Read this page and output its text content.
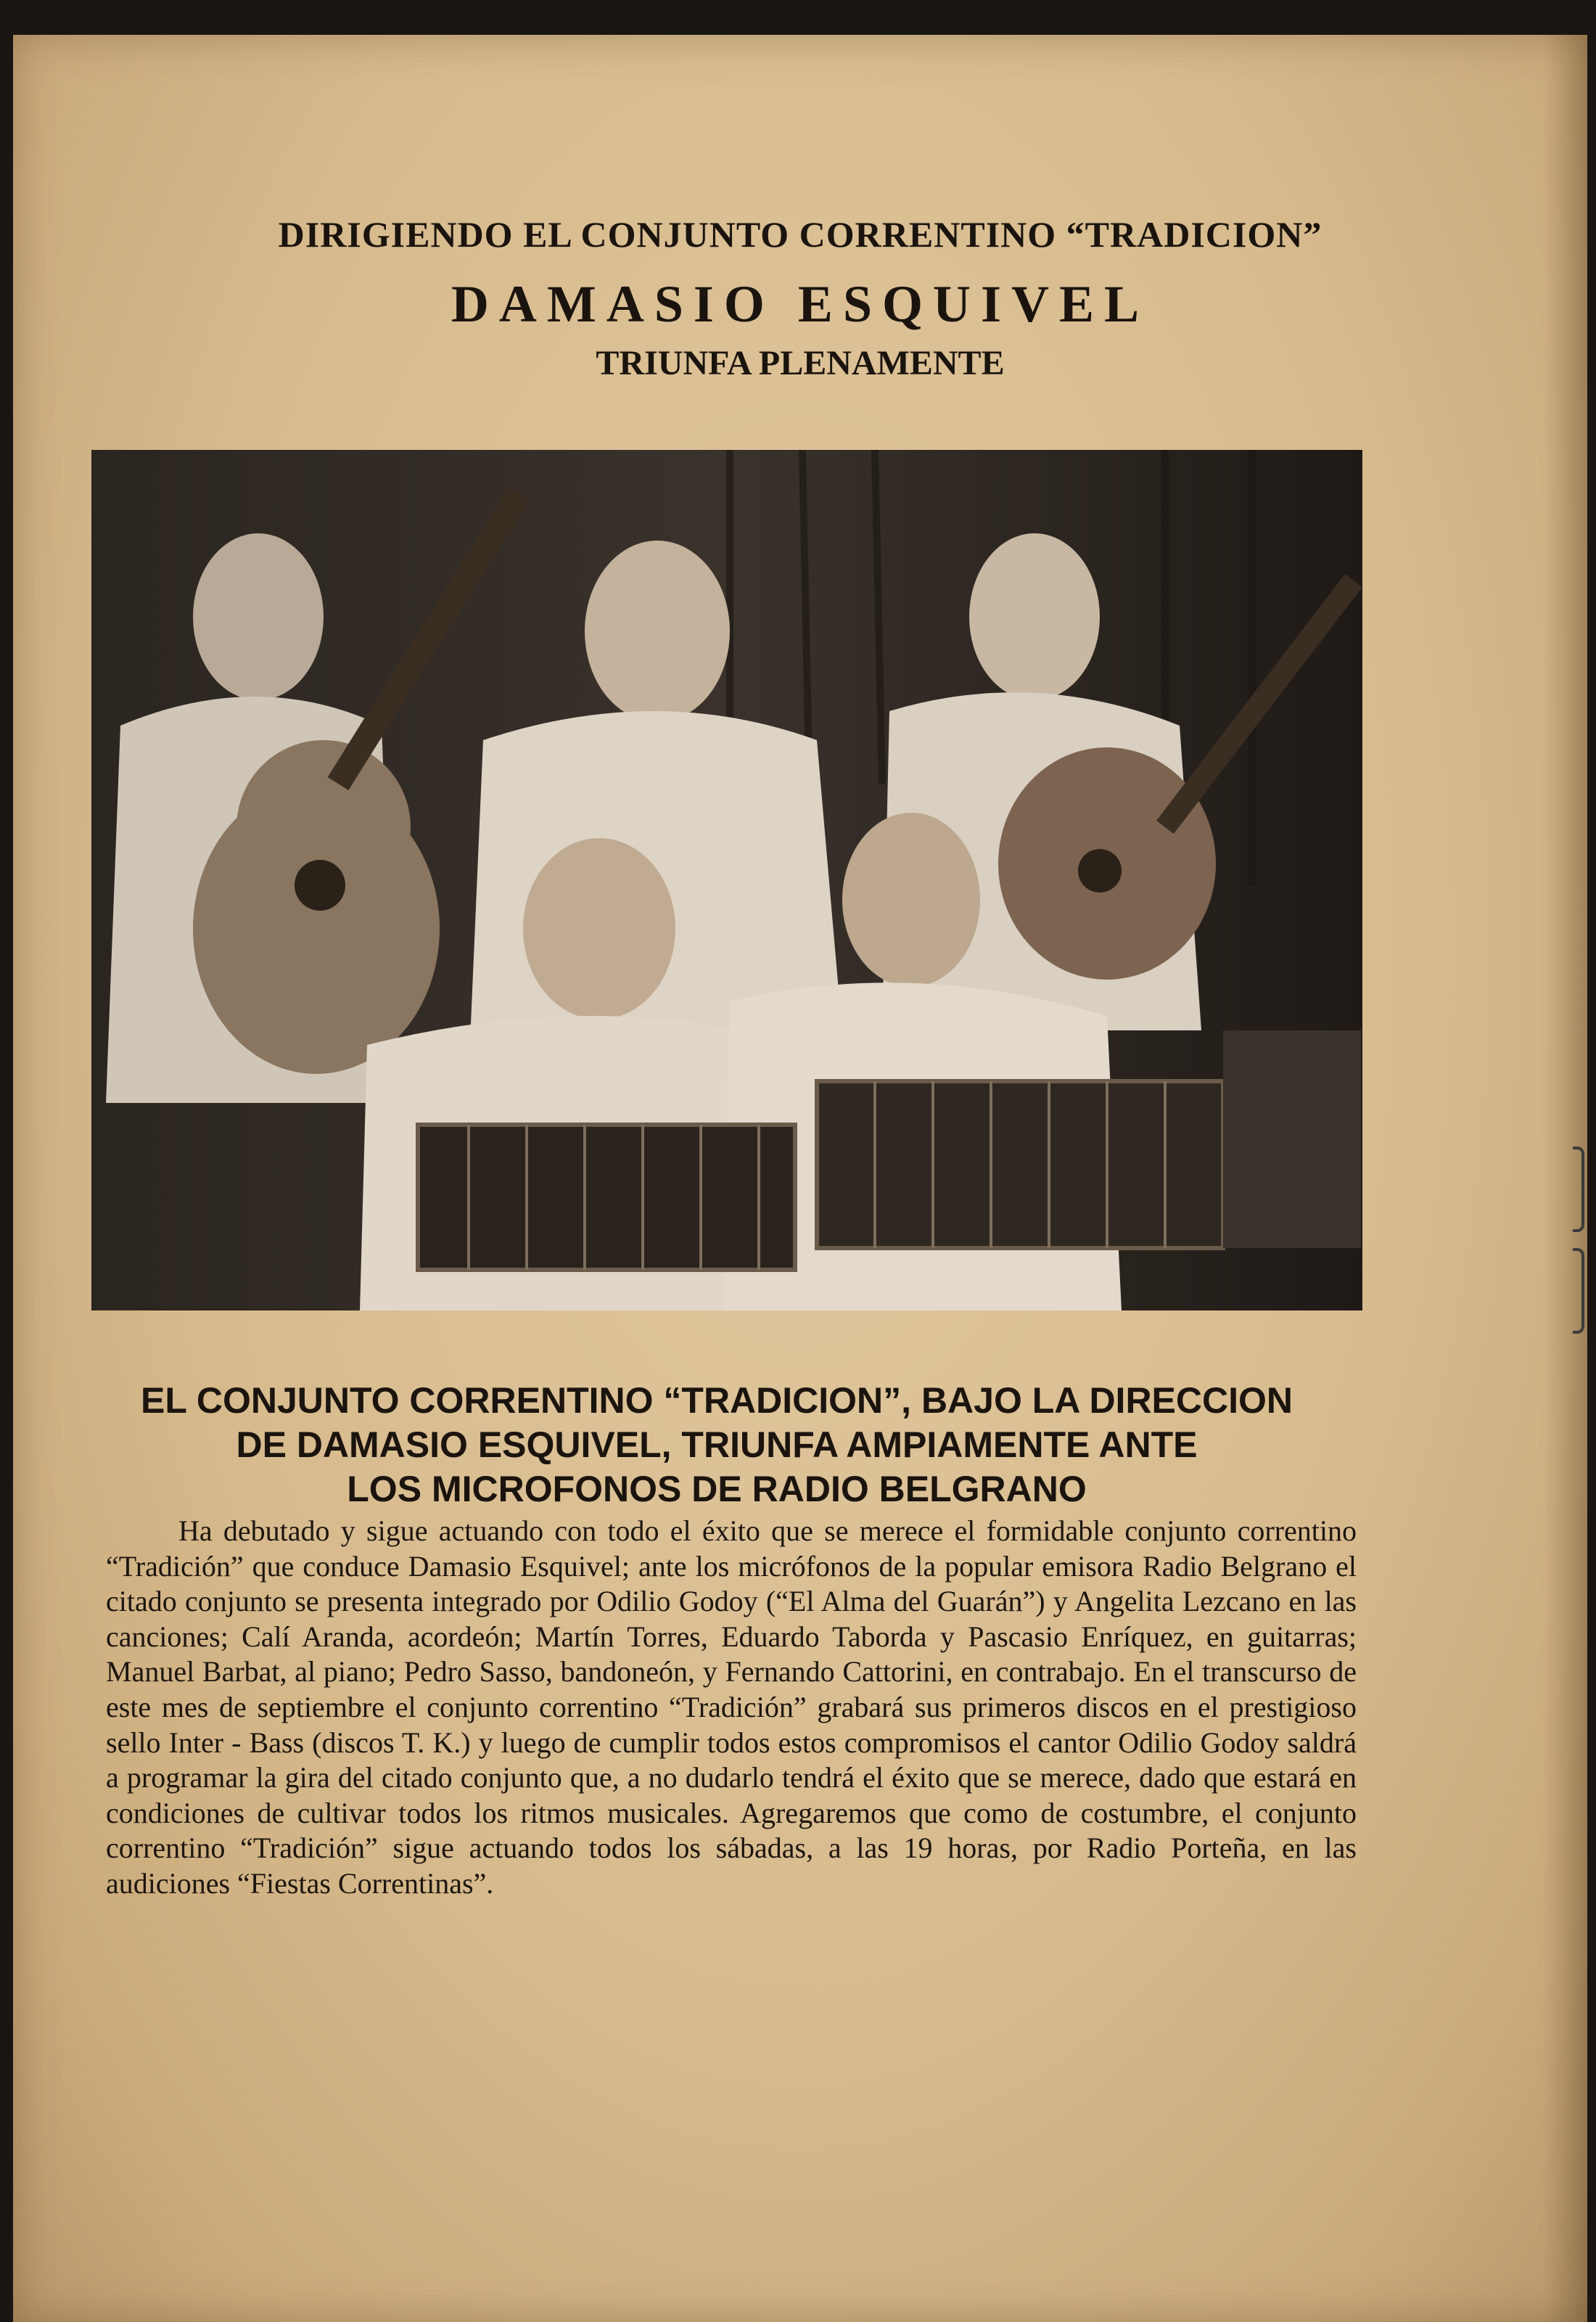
DIRIGIENDO EL CONJUNTO CORRENTINO “TRADICION”
DAMASIO ESQUIVEL
TRIUNFA PLENAMENTE
EL CONJUNTO CORRENTINO “TRADICION”, BAJO LA DIRECCION
DE DAMASIO ESQUIVEL, TRIUNFA AMPIAMENTE ANTE
LOS MICROFONOS DE RADIO BELGRANO
Ha debutado y sigue actuando con todo el éxito que se merece el formidable conjunto correntino “Tradición” que conduce Damasio Esquivel; ante los micrófonos de la popular emisora Radio Belgrano el citado conjunto se presenta integrado por Odilio Godoy (“El Alma del Guarán”) y Angelita Lezcano en las canciones; Calí Aranda, acordeón; Martín Torres, Eduardo Taborda y Pascasio Enríquez, en guitarras; Manuel Barbat, al piano; Pedro Sasso, bandoneón, y Fernando Cattorini, en contrabajo. En el transcurso de este mes de septiembre el conjunto correntino “Tradición” grabará sus primeros discos en el prestigioso sello Inter - Bass (discos T. K.) y luego de cumplir todos estos compromisos el cantor Odilio Godoy saldrá a programar la gira del citado conjunto que, a no dudarlo tendrá el éxito que se merece, dado que estará en condiciones de cultivar todos los ritmos musicales. Agregaremos que como de costumbre, el conjunto correntino “Tradición” sigue actuando todos los sábadas, a las 19 horas, por Radio Porteña, en las audiciones “Fiestas Correntinas”.
